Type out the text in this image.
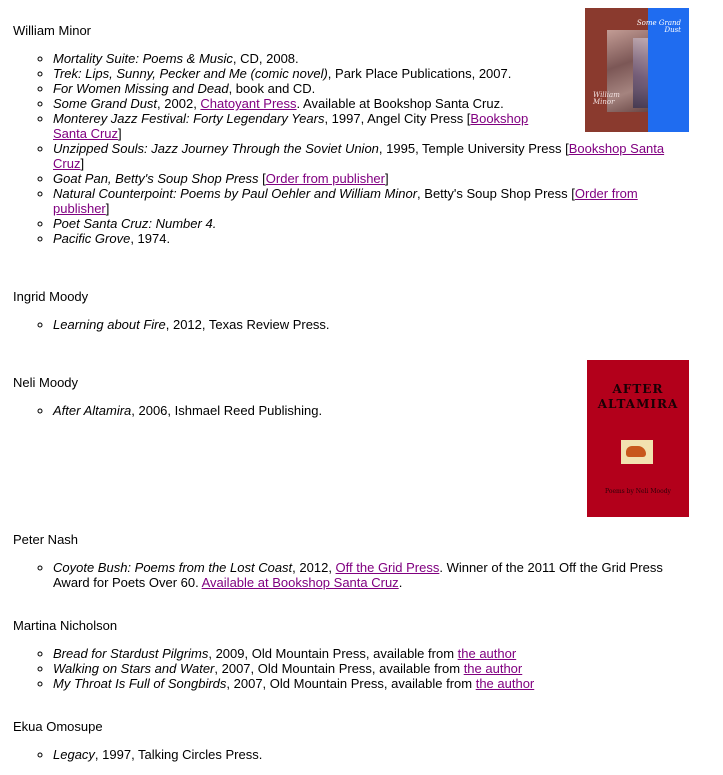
William Minor	Some Grand Dust
William Minor
◦ Mortality Suite: Poems & Music, CD, 2008.
◦ Trek: Lips, Sunny, Pecker and Me (comic novel), Park Place Publications, 2007.
◦ For Women Missing and Dead, book and CD.
◦ Some Grand Dust, 2002, Chatoyant Press. Available at Bookshop Santa Cruz.
◦ Monterey Jazz Festival: Forty Legendary Years, 1997, Angel City Press [Bookshop Santa Cruz]
◦ Unzipped Souls: Jazz Journey Through the Soviet Union, 1995, Temple University Press [Bookshop Santa Cruz]
◦ Goat Pan, Betty's Soup Shop Press [Order from publisher]
◦ Natural Counterpoint: Poems by Paul Oehler and William Minor, Betty's Soup Shop Press [Order from publisher]
◦ Poet Santa Cruz: Number 4.
◦ Pacific Grove, 1974.
Ingrid Moody
◦ Learning about Fire, 2012, Texas Review Press.
Neli Moody	AFTER ALTAMIRA
Poems by Neli Moody
◦ After Altamira, 2006, Ishmael Reed Publishing.
Peter Nash
◦ Coyote Bush: Poems from the Lost Coast, 2012, Off the Grid Press. Winner of the 2011 Off the Grid Press Award for Poets Over 60. Available at Bookshop Santa Cruz.
Martina Nicholson
◦ Bread for Stardust Pilgrims, 2009, Old Mountain Press, available from the author
◦ Walking on Stars and Water, 2007, Old Mountain Press, available from the author
◦ My Throat Is Full of Songbirds, 2007, Old Mountain Press, available from the author
Ekua Omosupe
◦ Legacy, 1997, Talking Circles Press.
